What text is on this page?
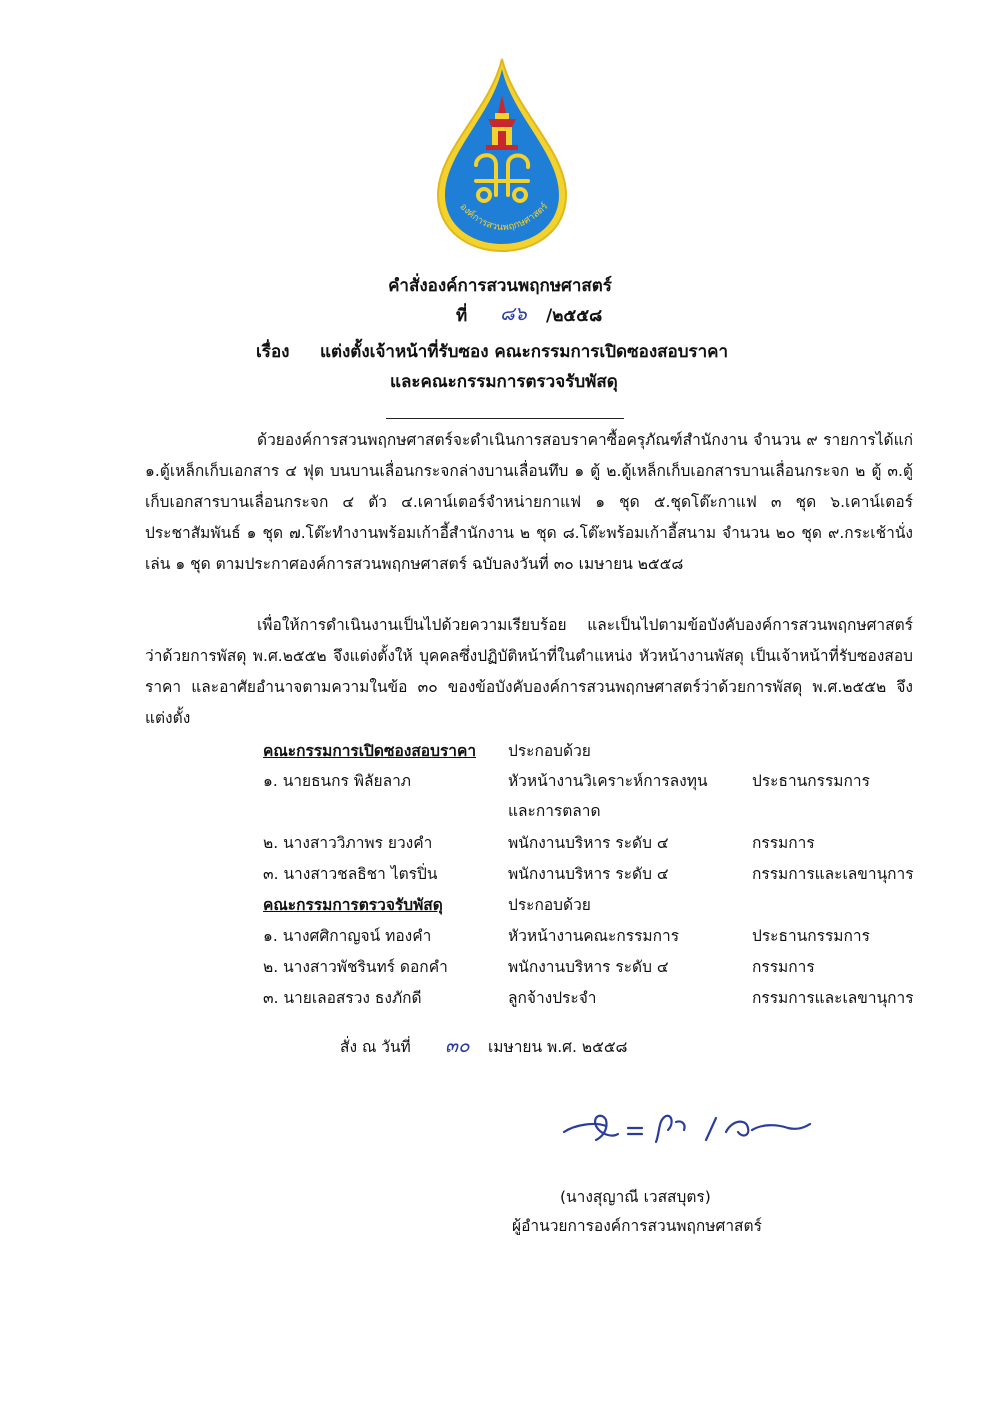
องค์การสวนพฤกษศาสตร์
คำสั่งองค์การสวนพฤกษศาสตร์
ที่ ๘๖ /๒๕๕๘
เรื่อง แต่งตั้งเจ้าหน้าที่รับซอง คณะกรรมการเปิดซองสอบราคา
และคณะกรรมการตรวจรับพัสดุ

ด้วยองค์การสวนพฤกษศาสตร์จะดำเนินการสอบราคาซื้อครุภัณฑ์สำนักงาน จำนวน ๙ รายการได้แก่ ๑.ตู้เหล็กเก็บเอกสาร ๔ ฟุต บนบานเลื่อนกระจกล่างบานเลื่อนทึบ ๑ ตู้ ๒.ตู้เหล็กเก็บเอกสารบานเลื่อนกระจก ๒ ตู้ ๓.ตู้เก็บเอกสารบานเลื่อนกระจก ๔ ตัว ๔.เคาน์เตอร์จำหน่ายกาแฟ ๑ ชุด ๕.ชุดโต๊ะกาแฟ ๓ ชุด ๖.เคาน์เตอร์ประชาสัมพันธ์ ๑ ชุด ๗.โต๊ะทำงานพร้อมเก้าอี้สำนักงาน ๒ ชุด ๘.โต๊ะพร้อมเก้าอี้สนาม จำนวน ๒๐ ชุด ๙.กระเช้านั่งเล่น ๑ ชุด ตามประกาศองค์การสวนพฤกษศาสตร์ ฉบับลงวันที่ ๓๐ เมษายน ๒๕๕๘

เพื่อให้การดำเนินงานเป็นไปด้วยความเรียบร้อย และเป็นไปตามข้อบังคับองค์การสวนพฤกษศาสตร์ว่าด้วยการพัสดุ พ.ศ.๒๕๕๒ จึงแต่งตั้งให้ บุคคลซึ่งปฏิบัติหน้าที่ในตำแหน่ง หัวหน้างานพัสดุ เป็นเจ้าหน้าที่รับซองสอบราคา และอาศัยอำนาจตามความในข้อ ๓๐ ของข้อบังคับองค์การสวนพฤกษศาสตร์ว่าด้วยการพัสดุ พ.ศ.๒๕๕๒ จึงแต่งตั้ง

คณะกรรมการเปิดซองสอบราคา ประกอบด้วย
๑. นายธนกร พิลัยลาภ	หัวหน้างานวิเคราะห์การลงทุน	ประธานกรรมการ
และการตลาด
๒. นางสาววิภาพร ยวงคำ	พนักงานบริหาร ระดับ ๔	กรรมการ
๓. นางสาวชลธิชา ไตรปิ่น	พนักงานบริหาร ระดับ ๔	กรรมการและเลขานุการ
คณะกรรมการตรวจรับพัสดุ	ประกอบด้วย
๑. นางศศิกาญจน์ ทองคำ	หัวหน้างานคณะกรรมการ	ประธานกรรมการ
๒. นางสาวพัชรินทร์ ดอกคำ	พนักงานบริหาร ระดับ ๔	กรรมการ
๓. นายเลอสรวง ธงภักดี	ลูกจ้างประจำ	กรรมการและเลขานุการ
สั่ง ณ วันที่ ๓๐ เมษายน พ.ศ. ๒๕๕๘
(นางสุญาณี เวสสบุตร)
ผู้อำนวยการองค์การสวนพฤกษศาสตร์
